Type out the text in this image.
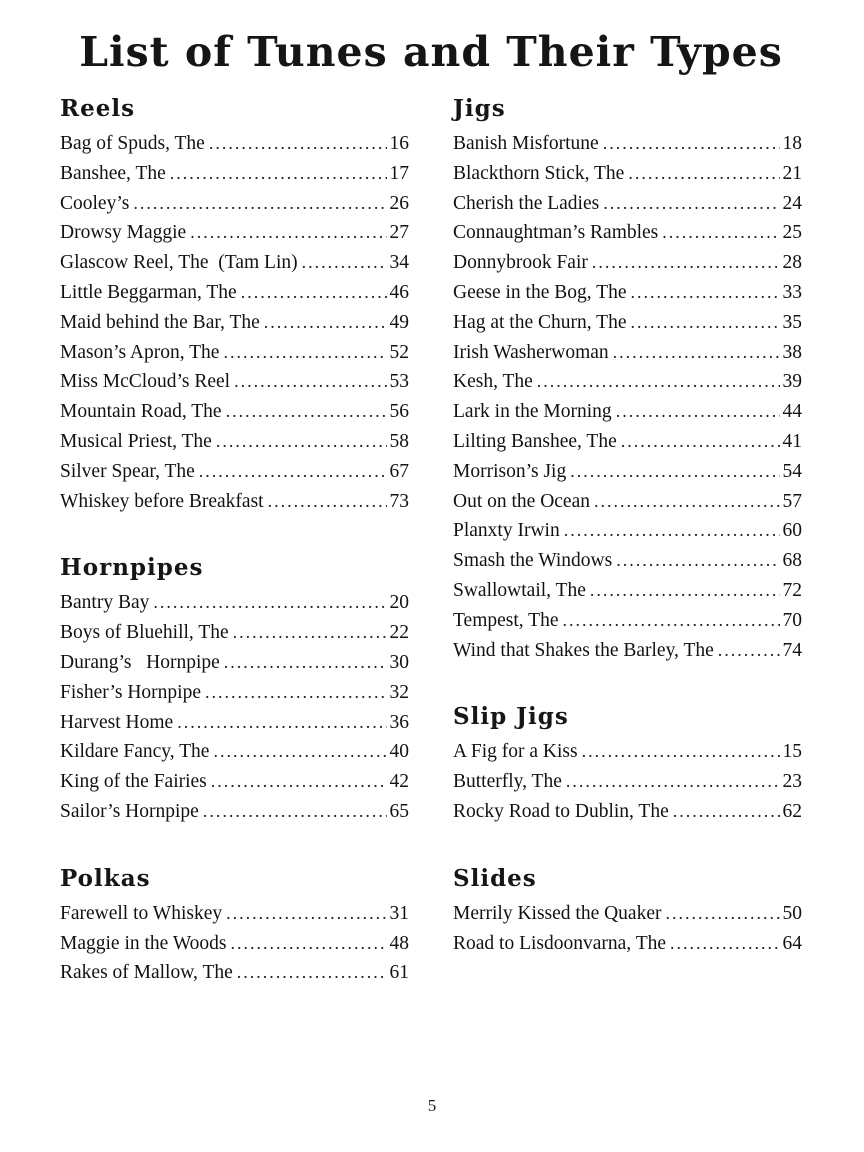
List of Tunes and Their Types
Reels
Bag of Spuds, The .....	16
Banshee, The .....	17
Cooley’s .....	26
Drowsy Maggie .....	27
Glascow Reel, The  (Tam Lin) .....	34
Little Beggarman, The .....	46
Maid behind the Bar, The .....	49
Mason’s Apron, The .....	52
Miss McCloud’s Reel .....	53
Mountain Road, The .....	56
Musical Priest, The .....	58
Silver Spear, The .....	67
Whiskey before Breakfast .....	73
Hornpipes
Bantry Bay .....	20
Boys of Bluehill, The .....	22
Durang’s   Hornpipe .....	30
Fisher’s Hornpipe .....	32
Harvest Home .....	36
Kildare Fancy, The .....	40
King of the Fairies .....	42
Sailor’s Hornpipe .....	65
Polkas
Farewell to Whiskey .....	31
Maggie in the Woods .....	48
Rakes of Mallow, The .....	61
Jigs
Banish Misfortune .....	18
Blackthorn Stick, The .....	21
Cherish the Ladies .....	24
Connaughtman’s Rambles .....	25
Donnybrook Fair .....	28
Geese in the Bog, The .....	33
Hag at the Churn, The .....	35
Irish Washerwoman .....	38
Kesh, The .....	39
Lark in the Morning .....	44
Lilting Banshee, The .....	41
Morrison’s Jig .....	54
Out on the Ocean .....	57
Planxty Irwin .....	60
Smash the Windows .....	68
Swallowtail, The .....	72
Tempest, The .....	70
Wind that Shakes the Barley, The .....	74
Slip Jigs
A Fig for a Kiss .....	15
Butterfly, The .....	23
Rocky Road to Dublin, The .....	62
Slides
Merrily Kissed the Quaker .....	50
Road to Lisdoonvarna, The .....	64
5
